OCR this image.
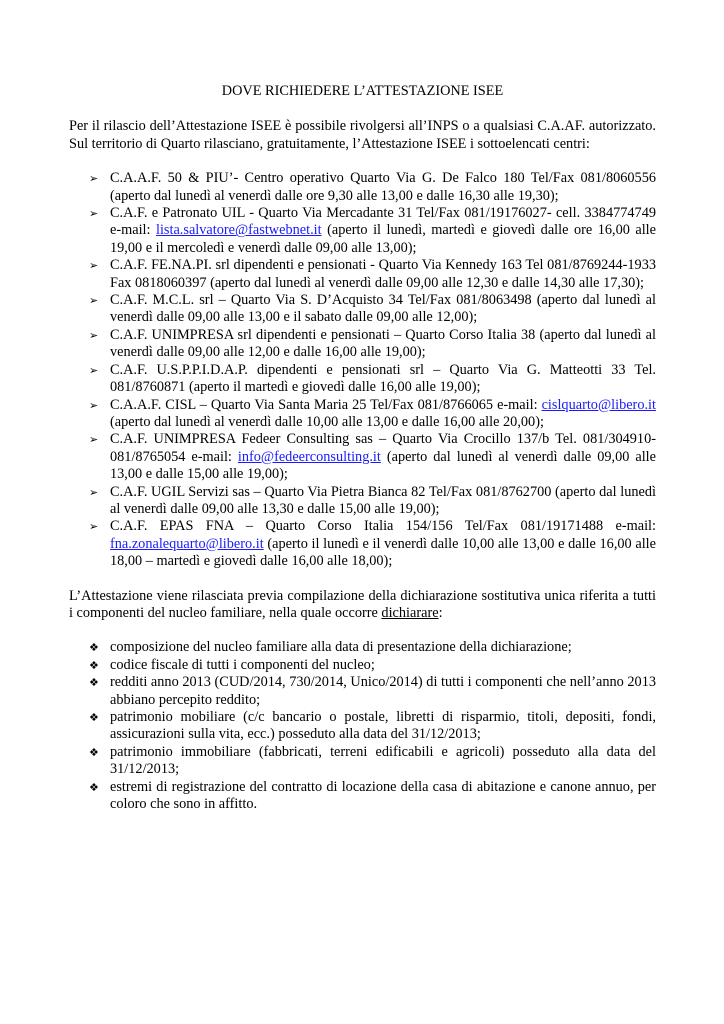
DOVE RICHIEDERE L’ATTESTAZIONE ISEE

Per il rilascio dell’Attestazione ISEE è possibile rivolgersi all’INPS o a qualsiasi C.A.AF. autorizzato. Sul territorio di Quarto rilasciano, gratuitamente, l’Attestazione ISEE i sottoelencati centri:

➢ C.A.A.F. 50 & PIU’- Centro operativo Quarto Via G. De Falco 180 Tel/Fax 081/8060556 (aperto dal lunedì al venerdì dalle ore 9,30 alle 13,00 e dalle 16,30 alle 19,30);
➢ C.A.F. e Patronato UIL - Quarto Via Mercadante 31 Tel/Fax 081/19176027- cell. 3384774749 e-mail: lista.salvatore@fastwebnet.it (aperto il lunedì, martedì e giovedì dalle ore 16,00 alle 19,00 e il mercoledì e venerdì dalle 09,00 alle 13,00);
➢ C.A.F. FE.NA.PI. srl dipendenti e pensionati - Quarto Via Kennedy 163 Tel 081/8769244-1933 Fax 0818060397 (aperto dal lunedì al venerdì dalle 09,00 alle 12,30 e dalle 14,30 alle 17,30);
➢ C.A.F. M.C.L. srl – Quarto Via S. D’Acquisto 34 Tel/Fax 081/8063498 (aperto dal lunedì al venerdì dalle 09,00 alle 13,00 e il sabato dalle 09,00 alle 12,00);
➢ C.A.F. UNIMPRESA srl dipendenti e pensionati – Quarto Corso Italia 38 (aperto dal lunedì al venerdì dalle 09,00 alle 12,00 e dalle 16,00 alle 19,00);
➢ C.A.F. U.S.P.P.I.D.A.P. dipendenti e pensionati srl – Quarto Via G. Matteotti 33 Tel. 081/8760871 (aperto il martedì e giovedì dalle 16,00 alle 19,00);
➢ C.A.A.F. CISL – Quarto Via Santa Maria 25 Tel/Fax 081/8766065 e-mail: cislquarto@libero.it (aperto dal lunedì al venerdì dalle 10,00 alle 13,00 e dalle 16,00 alle 20,00);
➢ C.A.F. UNIMPRESA Fedeer Consulting sas – Quarto Via Crocillo 137/b Tel. 081/304910-081/8765054 e-mail: info@fedeerconsulting.it (aperto dal lunedì al venerdì dalle 09,00 alle 13,00 e dalle 15,00 alle 19,00);
➢ C.A.F. UGIL Servizi sas – Quarto Via Pietra Bianca 82 Tel/Fax 081/8762700 (aperto dal lunedì al venerdì dalle 09,00 alle 13,30 e dalle 15,00 alle 19,00);
➢ C.A.F. EPAS FNA – Quarto Corso Italia 154/156 Tel/Fax 081/19171488 e-mail: fna.zonalequarto@libero.it (aperto il lunedì e il venerdì dalle 10,00 alle 13,00 e dalle 16,00 alle 18,00 – martedì e giovedì dalle 16,00 alle 18,00);

L’Attestazione viene rilasciata previa compilazione della dichiarazione sostitutiva unica riferita a tutti i componenti del nucleo familiare, nella quale occorre dichiarare:

❖ composizione del nucleo familiare alla data di presentazione della dichiarazione;
❖ codice fiscale di tutti i componenti del nucleo;
❖ redditi anno 2013 (CUD/2014, 730/2014, Unico/2014) di tutti i componenti che nell’anno 2013 abbiano percepito reddito;
❖ patrimonio mobiliare (c/c bancario o postale, libretti di risparmio, titoli, depositi, fondi, assicurazioni sulla vita, ecc.) posseduto alla data del 31/12/2013;
❖ patrimonio immobiliare (fabbricati, terreni edificabili e agricoli) posseduto alla data del 31/12/2013;
❖ estremi di registrazione del contratto di locazione della casa di abitazione e canone annuo, per coloro che sono in affitto.
